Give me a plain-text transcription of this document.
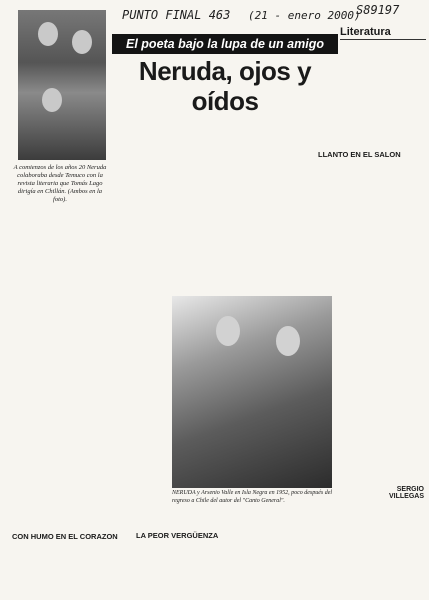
PUNTO FINAL 463 (21 - enero 2000)
S89197
Literatura
A comienzos de los años 20 Neruda colaboraba desde Temuco con la revista literaria que Tomás Lago dirigía en Chillán. (Ambos en la foto).
El poeta bajo la lupa de un amigo
Neruda, ojos y oídos
LLANTO EN EL SALON
CON HUMO EN EL CORAZON LA PEOR VERGÜENZA
NERUDA y Arsenio Valle en Isla Negra en 1952, poco después del regreso a Chile del autor del "Canto General".
SERGIO VILLEGAS
